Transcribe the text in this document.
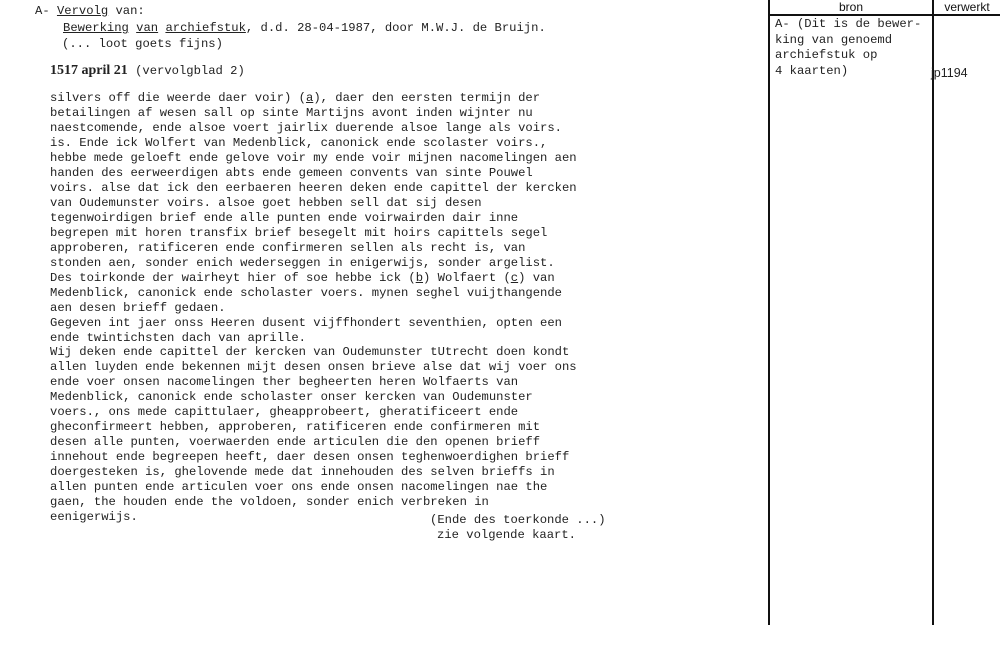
A- Vervolg van:
Bewerking van archiefstuk, d.d. 28-04-1987, door M.W.J. de Bruijn.
(... loot goets fijns)
1517 april 21 (vervolgblad 2)
silvers off die weerde daer voir) (a), daer den eersten termijn der
betailingen af wesen sall op sinte Martijns avont inden wijnter nu
naestcomende, ende alsoe voert jairlix duerende alsoe lange als voirs.
is. Ende ick Wolfert van Medenblick, canonick ende scolaster voirs.,
hebbe mede geloeft ende gelove voir my ende voir mijnen nacomelingen aen
handen des eerweerdigen abts ende gemeen convents van sinte Pouwel
voirs. alse dat ick den eerbaeren heeren deken ende capittel der kercken
van Oudemunster voirs. alsoe goet hebben sell dat sij desen
tegenwoirdigen brief ende alle punten ende voirwairden dair inne
begrepen mit horen transfix brief besegelt mit hoirs capittels segel
approberen, ratificeren ende confirmeren sellen als recht is, van
stonden aen, sonder enich wederseggen in enigerwijs, sonder argelist.
Des toirkonde der wairheyt hier of soe hebbe ick (b) Wolfaert (c) van
Medenblick, canonick ende scholaster voers. mynen seghel vuijthangende
aen desen brieff gedaen.
Gegeven int jaer onss Heeren dusent vijffhondert seventhien, opten een
ende twintichsten dach van aprille.
Wij deken ende capittel der kercken van Oudemunster tUtrecht doen kondt
allen luyden ende bekennen mijt desen onsen brieve alse dat wij voer ons
ende voer onsen nacomelingen ther begheerten heren Wolfaerts van
Medenblick, canonick ende scholaster onser kercken van Oudemunster
voers., ons mede capittulaer, gheapprobeert, gheratificeert ende
gheconfirmeert hebben, approberen, ratificeren ende confirmeren mit
desen alle punten, voerwaerden ende articulen die den openen brieff
innehout ende begreepen heeft, daer desen onsen teghenwoerdighen brieff
doergesteken is, ghelovende mede dat innehouden des selven brieffs in
allen punten ende articulen voer ons ende onsen nacomelingen nae the
gaen, the houden ende the voldoen, sonder enich verbreken in
eenigerwijs.	(Ende des toerkonde ...)
zie volgende kaart.
bron	verwerkt
A- (Dit is de bewer-
king van genoemd
archiefstuk op
4 kaarten)	jp1194
